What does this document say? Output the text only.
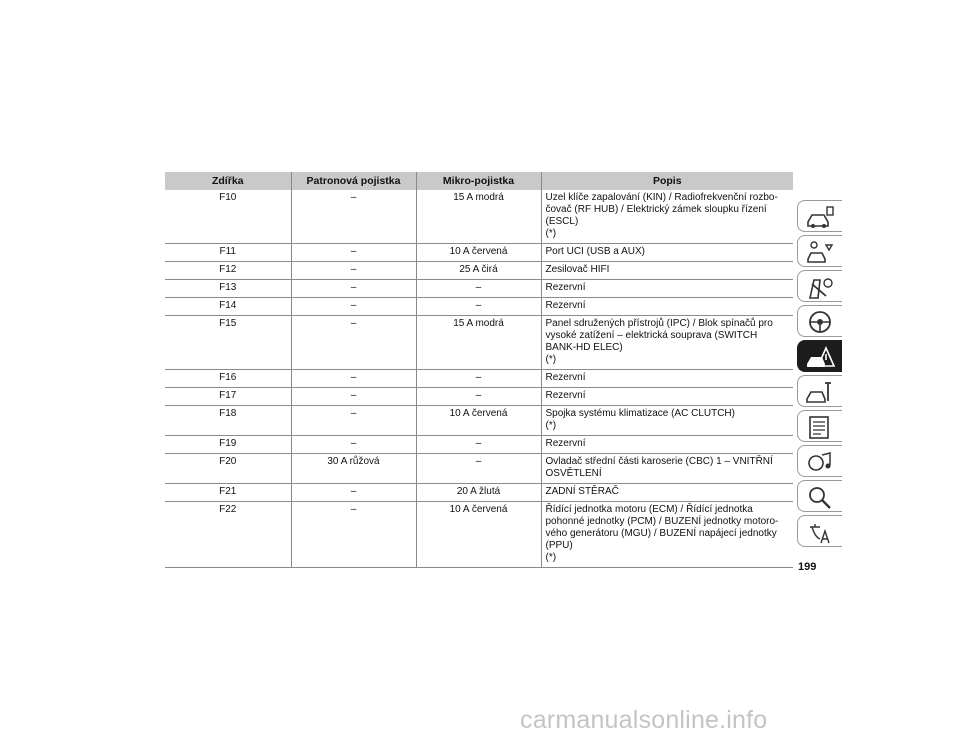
Zdířka	Patronová pojistka	Mikro-pojistka	Popis
F10	–	15 A modrá	Uzel klíče zapalování (KIN) / Radiofrekvenční rozbo-
čovač (RF HUB) / Elektrický zámek sloupku řízení
(ESCL)
(*)

F11	–	10 A červená	Port UCI (USB a AUX)

F12	–	25 A čirá	Zesilovač HIFI

F13	–	–	Rezervní

F14	–	–	Rezervní

F15	–	15 A modrá	Panel sdružených přístrojů (IPC) / Blok spínačů pro
vysoké zatížení – elektrická souprava (SWITCH
BANK-HD ELEC)
(*)

F16	–	–	Rezervní

F17	–	–	Rezervní

F18	–	10 A červená	Spojka systému klimatizace (AC CLUTCH)
(*)

F19	–	–	Rezervní

F20	30 A růžová	–	Ovladač střední části karoserie (CBC) 1 – VNITŘNÍ
OSVĚTLENÍ

F21	–	20 A žlutá	ZADNÍ STĚRAČ

F22	–	10 A červená	Řídící jednotka motoru (ECM) / Řídící jednotka
pohonné jednotky (PCM) / BUZENÍ jednotky motoro-
vého generátoru (MGU) / BUZENÍ napájecí jednotky
(PPU)
(*)
199
carmanualsonline.info
